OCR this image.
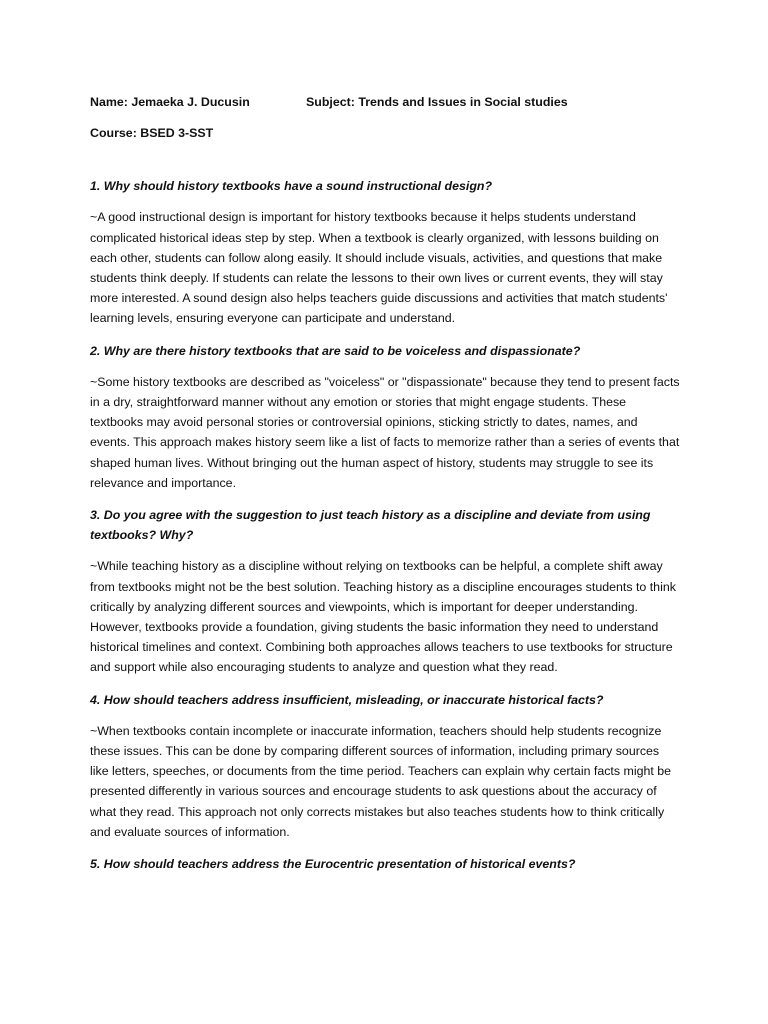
Name: Jemaeka J. Ducusin	Subject: Trends and Issues in Social studies
Course: BSED 3-SST

1. Why should history textbooks have a sound instructional design?

~A good instructional design is important for history textbooks because it helps students understand complicated historical ideas step by step. When a textbook is clearly organized, with lessons building on each other, students can follow along easily. It should include visuals, activities, and questions that make students think deeply. If students can relate the lessons to their own lives or current events, they will stay more interested. A sound design also helps teachers guide discussions and activities that match students' learning levels, ensuring everyone can participate and understand.

2. Why are there history textbooks that are said to be voiceless and dispassionate?

~Some history textbooks are described as "voiceless" or "dispassionate" because they tend to present facts in a dry, straightforward manner without any emotion or stories that might engage students. These textbooks may avoid personal stories or controversial opinions, sticking strictly to dates, names, and events. This approach makes history seem like a list of facts to memorize rather than a series of events that shaped human lives. Without bringing out the human aspect of history, students may struggle to see its relevance and importance.

3. Do you agree with the suggestion to just teach history as a discipline and deviate from using textbooks? Why?

~While teaching history as a discipline without relying on textbooks can be helpful, a complete shift away from textbooks might not be the best solution. Teaching history as a discipline encourages students to think critically by analyzing different sources and viewpoints, which is important for deeper understanding. However, textbooks provide a foundation, giving students the basic information they need to understand historical timelines and context. Combining both approaches allows teachers to use textbooks for structure and support while also encouraging students to analyze and question what they read.

4. How should teachers address insufficient, misleading, or inaccurate historical facts?

~When textbooks contain incomplete or inaccurate information, teachers should help students recognize these issues. This can be done by comparing different sources of information, including primary sources like letters, speeches, or documents from the time period. Teachers can explain why certain facts might be presented differently in various sources and encourage students to ask questions about the accuracy of what they read. This approach not only corrects mistakes but also teaches students how to think critically and evaluate sources of information.

5. How should teachers address the Eurocentric presentation of historical events?
